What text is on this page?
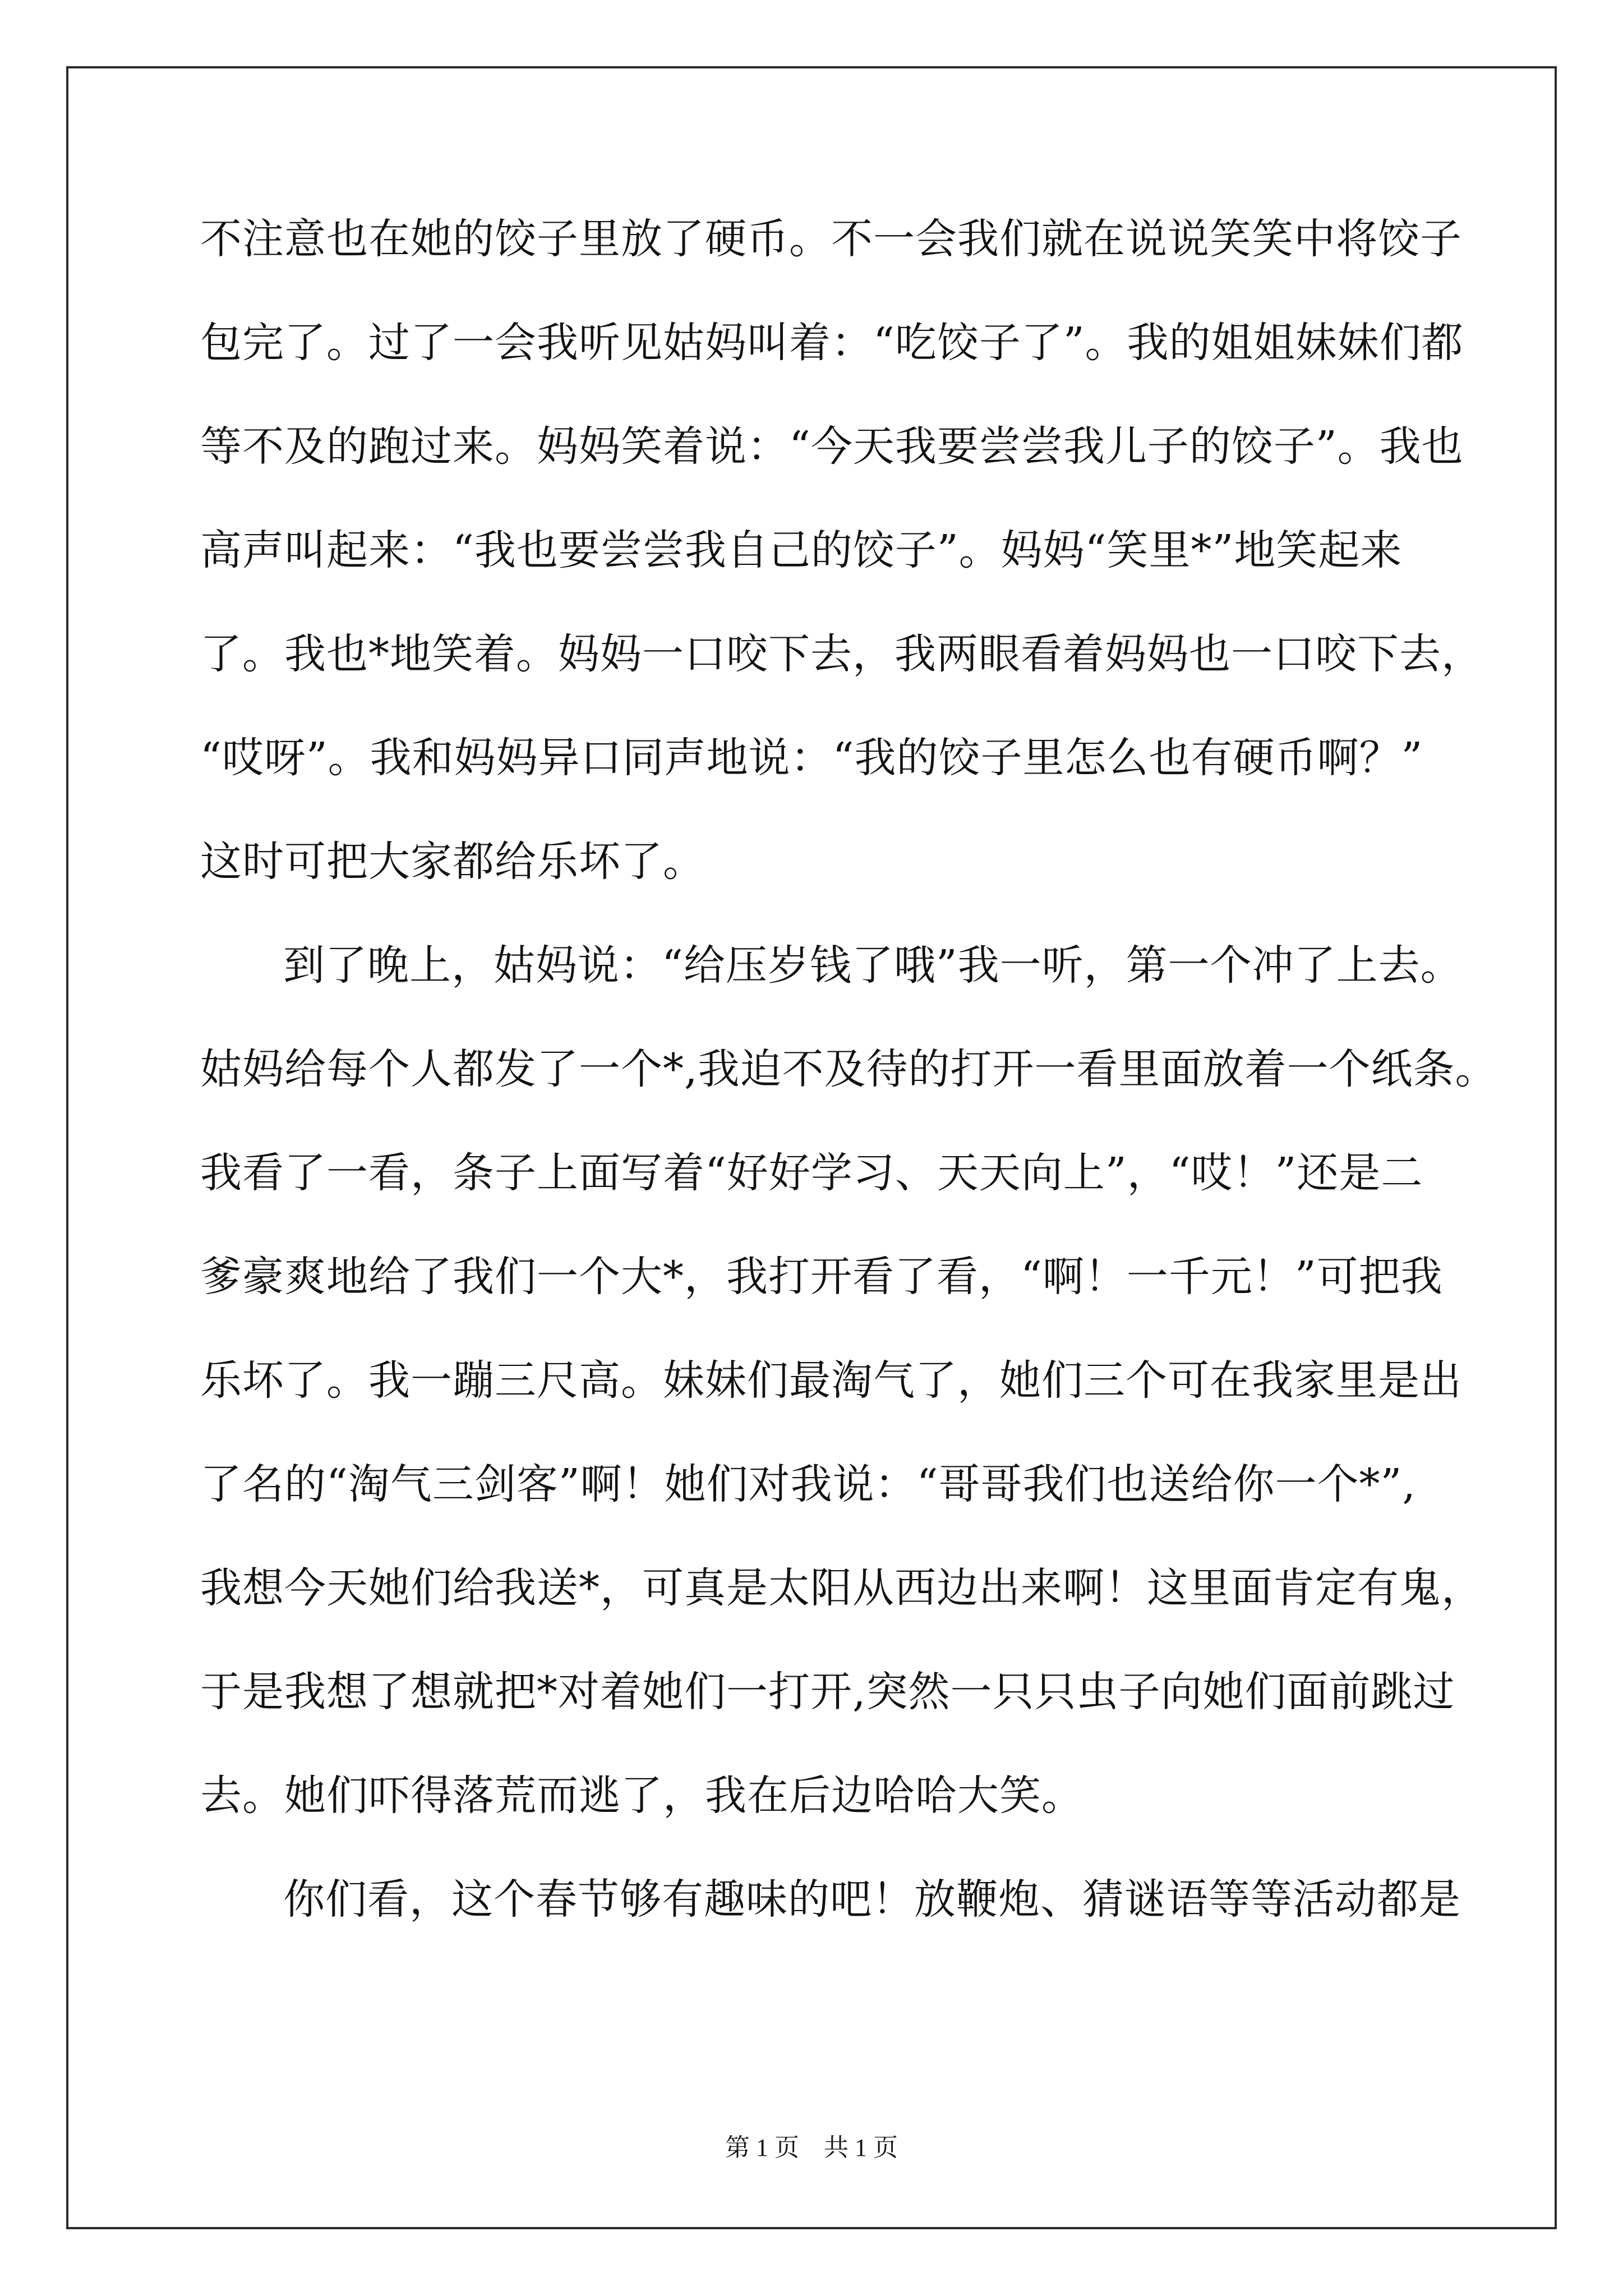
不注意也在她的饺子里放了硬币。不一会我们就在说说笑笑中将饺子
包完了。过了一会我听见姑妈叫着：“吃饺子了”。我的姐姐妹妹们都
等不及的跑过来。妈妈笑着说：“今天我要尝尝我儿子的饺子”。我也
高声叫起来：“我也要尝尝我自己的饺子”。妈妈“笑里*”地笑起来
了。我也*地笑着。妈妈一口咬下去，我两眼看着妈妈也一口咬下去，
“哎呀”。我和妈妈异口同声地说：“我的饺子里怎么也有硬币啊？”
这时可把大家都给乐坏了。
到了晚上，姑妈说：“给压岁钱了哦”我一听，第一个冲了上去。
姑妈给每个人都发了一个*,我迫不及待的打开一看里面放着一个纸条。
我看了一看，条子上面写着“好好学习、天天向上”，“哎！”还是二
爹豪爽地给了我们一个大*，我打开看了看，“啊！一千元！”可把我
乐坏了。我一蹦三尺高。妹妹们最淘气了，她们三个可在我家里是出
了名的“淘气三剑客”啊！她们对我说：“哥哥我们也送给你一个*”,
我想今天她们给我送*，可真是太阳从西边出来啊！这里面肯定有鬼，
于是我想了想就把*对着她们一打开,突然一只只虫子向她们面前跳过
去。她们吓得落荒而逃了，我在后边哈哈大笑。
你们看，这个春节够有趣味的吧！放鞭炮、猜谜语等等活动都是
第 1 页    共 1 页
